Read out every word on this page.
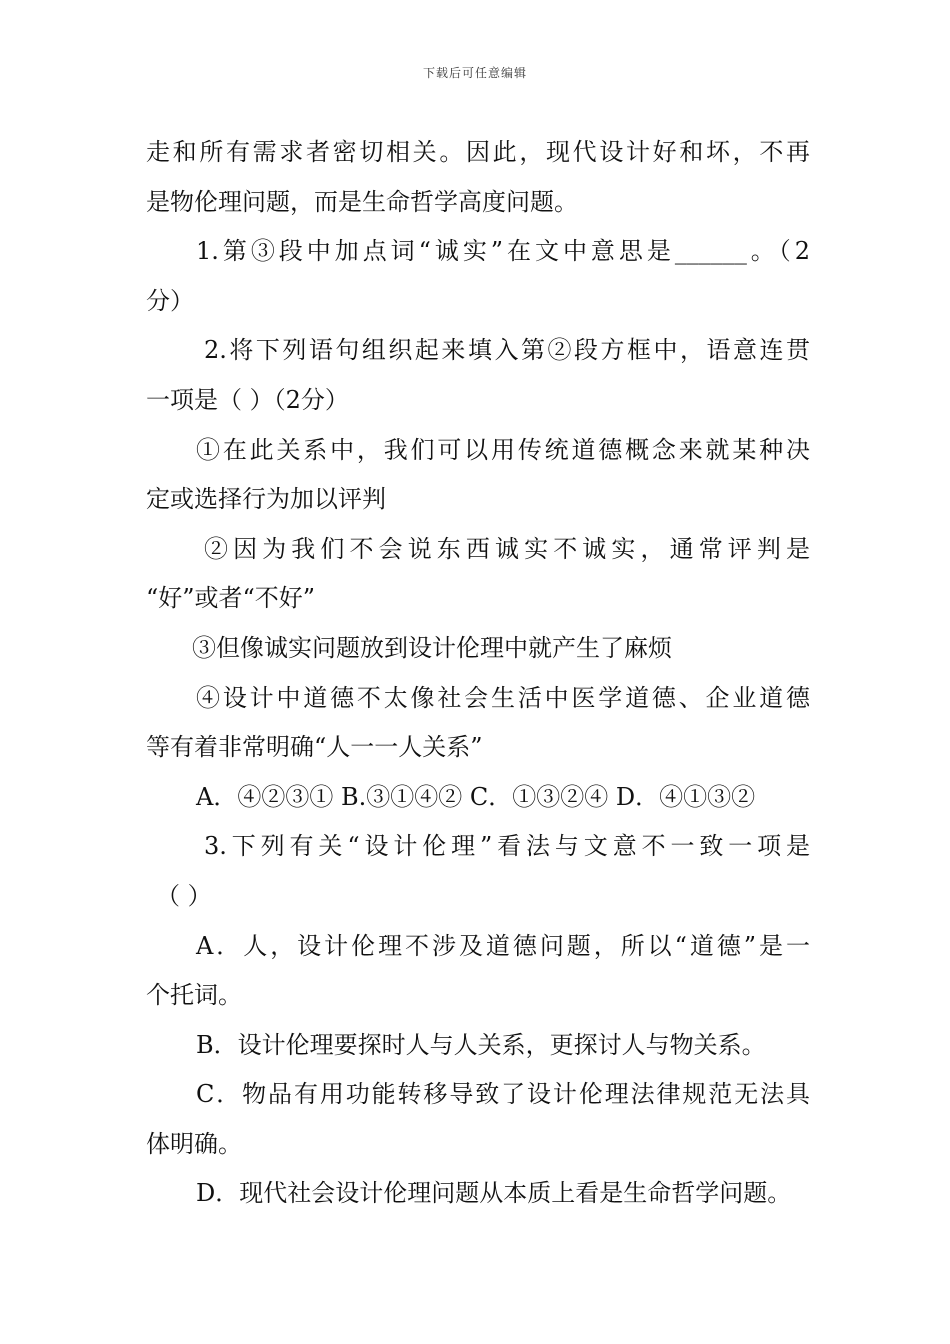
下载后可任意编辑
走和所有需求者密切相关。因此，现代设计好和坏，不再
是物伦理问题，而是生命哲学高度问题。
1.第③段中加点词“诚实”在文中意思是______。（2
分）
2.将下列语句组织起来填入第②段方框中，语意连贯
一项是（ ）（2分）
①在此关系中，我们可以用传统道德概念来就某种决
定或选择行为加以评判
②因为我们不会说东西诚实不诚实，通常评判是
“好”或者“不好”
③但像诚实问题放到设计伦理中就产生了麻烦
④设计中道德不太像社会生活中医学道德、企业道德
等有着非常明确“人一一人关系”
A．④②③① B.③①④② C．①③②④ D．④①③②
3.下列有关“设计伦理”看法与文意不一致一项是
（ ）
A．人，设计伦理不涉及道德问题，所以“道德”是一
个托词。
B．设计伦理要探时人与人关系，更探讨人与物关系。
C．物品有用功能转移导致了设计伦理法律规范无法具
体明确。
D．现代社会设计伦理问题从本质上看是生命哲学问题。
